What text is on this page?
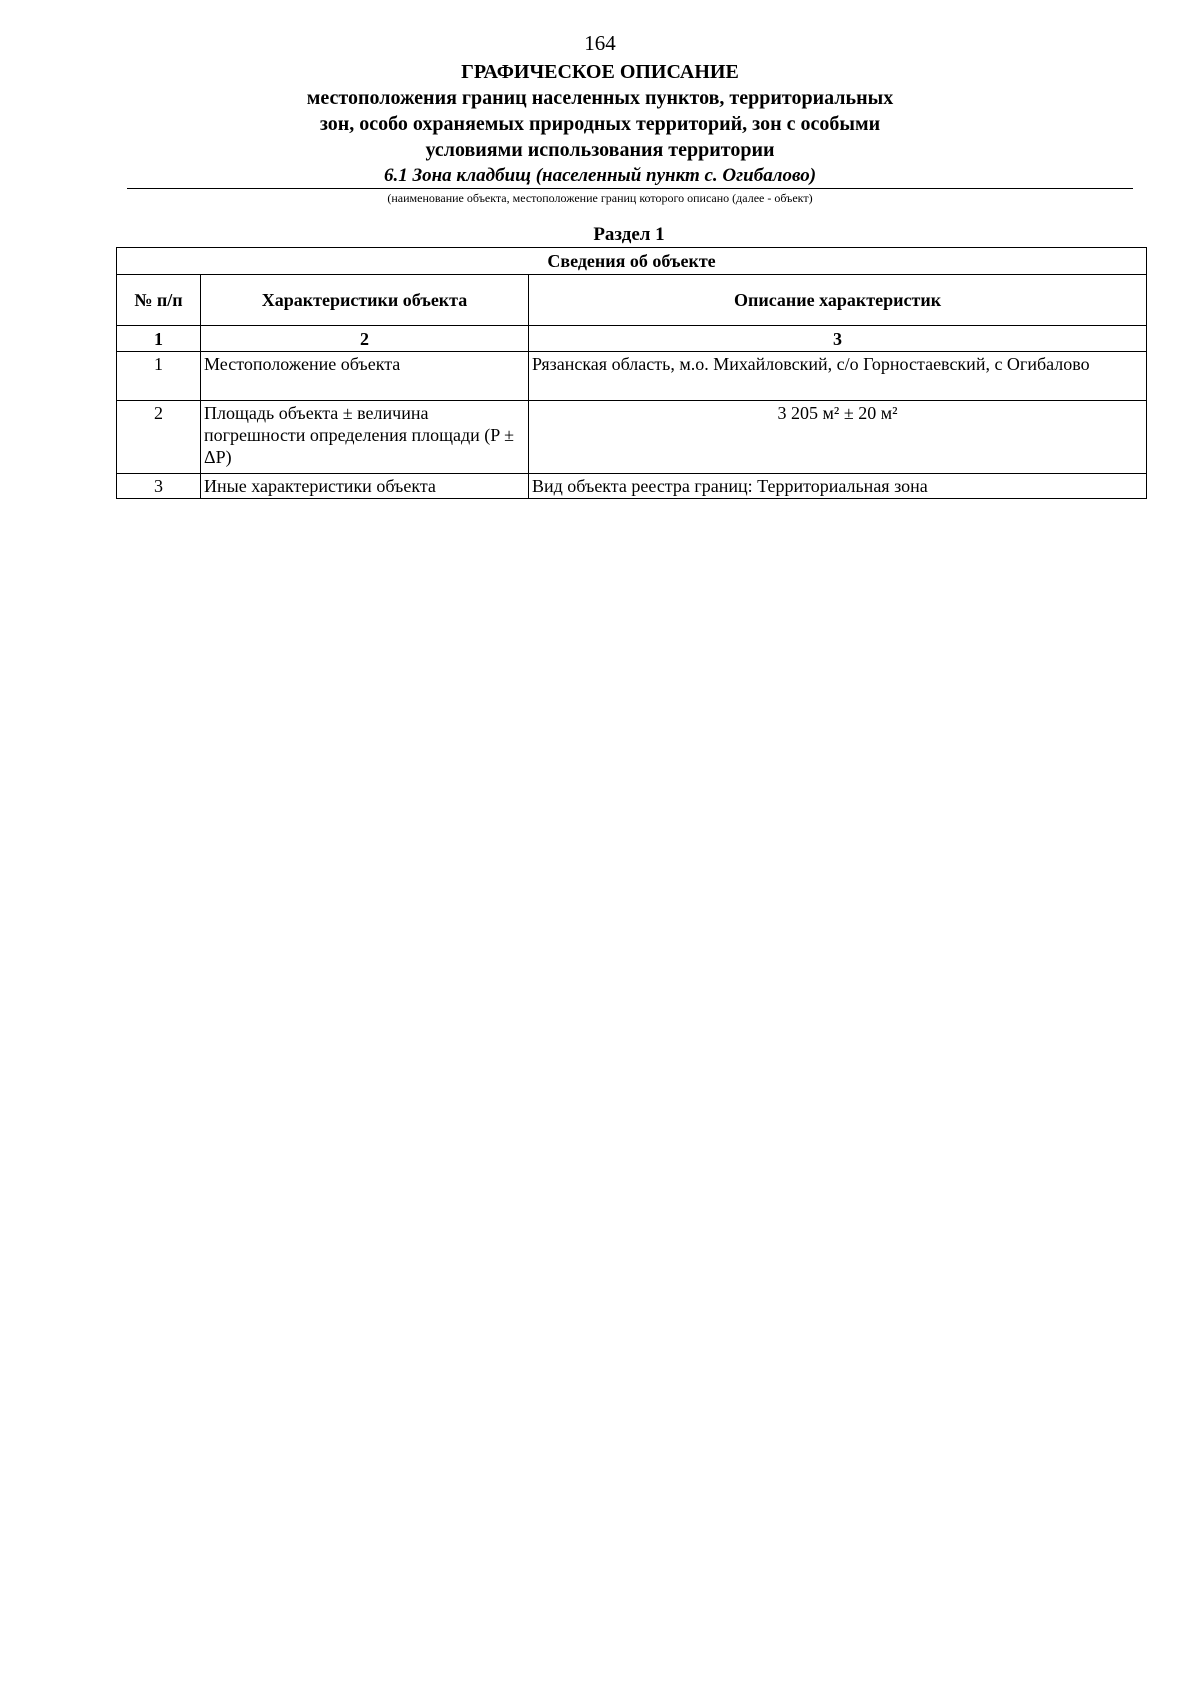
164

ГРАФИЧЕСКОЕ ОПИСАНИЕ

местоположения границ населенных пунктов, территориальных

зон, особо охраняемых природных территорий, зон с особыми

условиями использования территории

6.1 Зона кладбищ (населенный пункт с. Огибалово)

(наименование объекта, местоположение границ которого описано (далее - объект)
Раздел 1
Сведения об объекте		
№ п/п	Характеристики объекта	Описание характеристик
1	2	3
1	Местоположение объекта	Рязанская область, м.о. Михайловский, с/о Горностаевский, с Огибалово
2	Площадь объекта ± величина погрешности определения площади (P ± ΔP)	3 205 м² ± 20 м²
3	Иные характеристики объекта	Вид объекта реестра границ: Территориальная зона
